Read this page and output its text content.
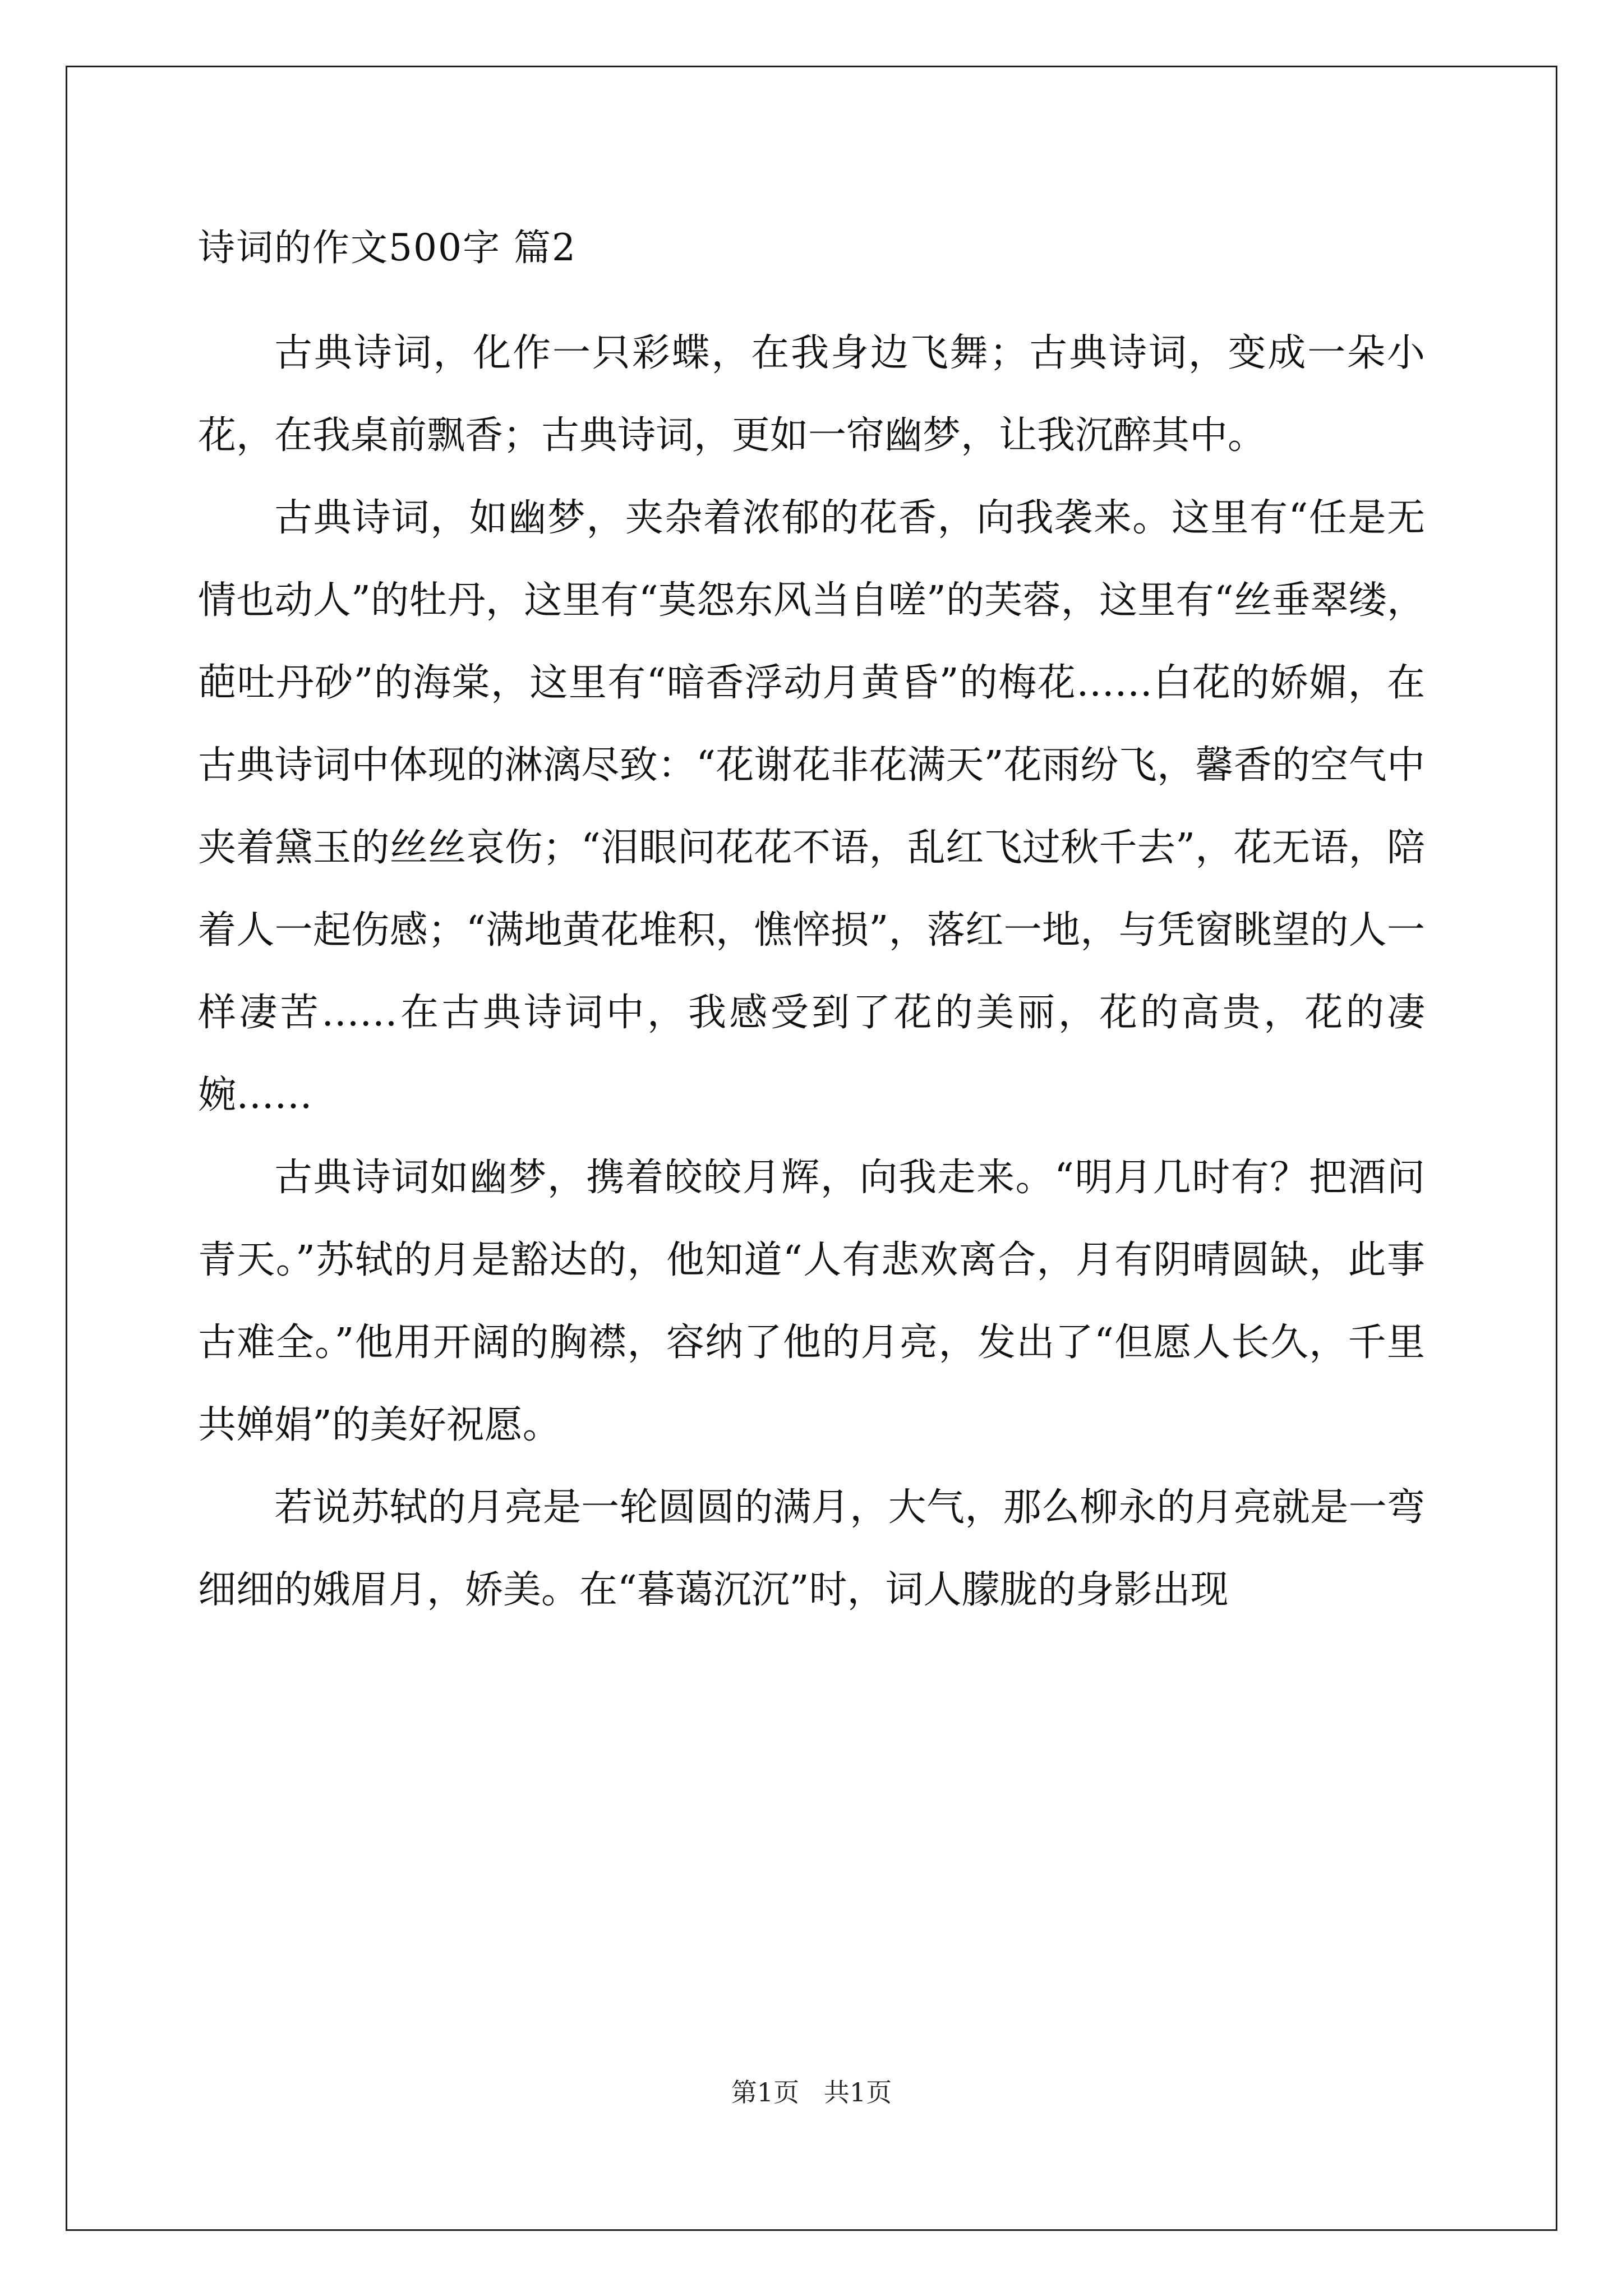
诗词的作文500字 篇2

古典诗词，化作一只彩蝶，在我身边飞舞；古典诗词，变成一朵小花，在我桌前飘香；古典诗词，更如一帘幽梦，让我沉醉其中。

古典诗词，如幽梦，夹杂着浓郁的花香，向我袭来。这里有“任是无情也动人”的牡丹，这里有“莫怨东风当自嗟”的芙蓉，这里有“丝垂翠缕，葩吐丹砂”的海棠，这里有“暗香浮动月黄昏”的梅花……白花的娇媚，在古典诗词中体现的淋漓尽致：“花谢花非花满天”花雨纷飞，馨香的空气中夹着黛玉的丝丝哀伤；“泪眼问花花不语，乱红飞过秋千去”，花无语，陪着人一起伤感；“满地黄花堆积，憔悴损”，落红一地，与凭窗眺望的人一样凄苦……在古典诗词中，我感受到了花的美丽，花的高贵，花的凄婉……

古典诗词如幽梦，携着皎皎月辉，向我走来。“明月几时有？把酒问青天。”苏轼的月是豁达的，他知道“人有悲欢离合，月有阴晴圆缺，此事古难全。”他用开阔的胸襟，容纳了他的月亮，发出了“但愿人长久，千里共婵娟”的美好祝愿。

若说苏轼的月亮是一轮圆圆的满月，大气，那么柳永的月亮就是一弯细细的娥眉月，娇美。在“暮蔼沉沉”时，词人朦胧的身影出现

第1页   共1页
